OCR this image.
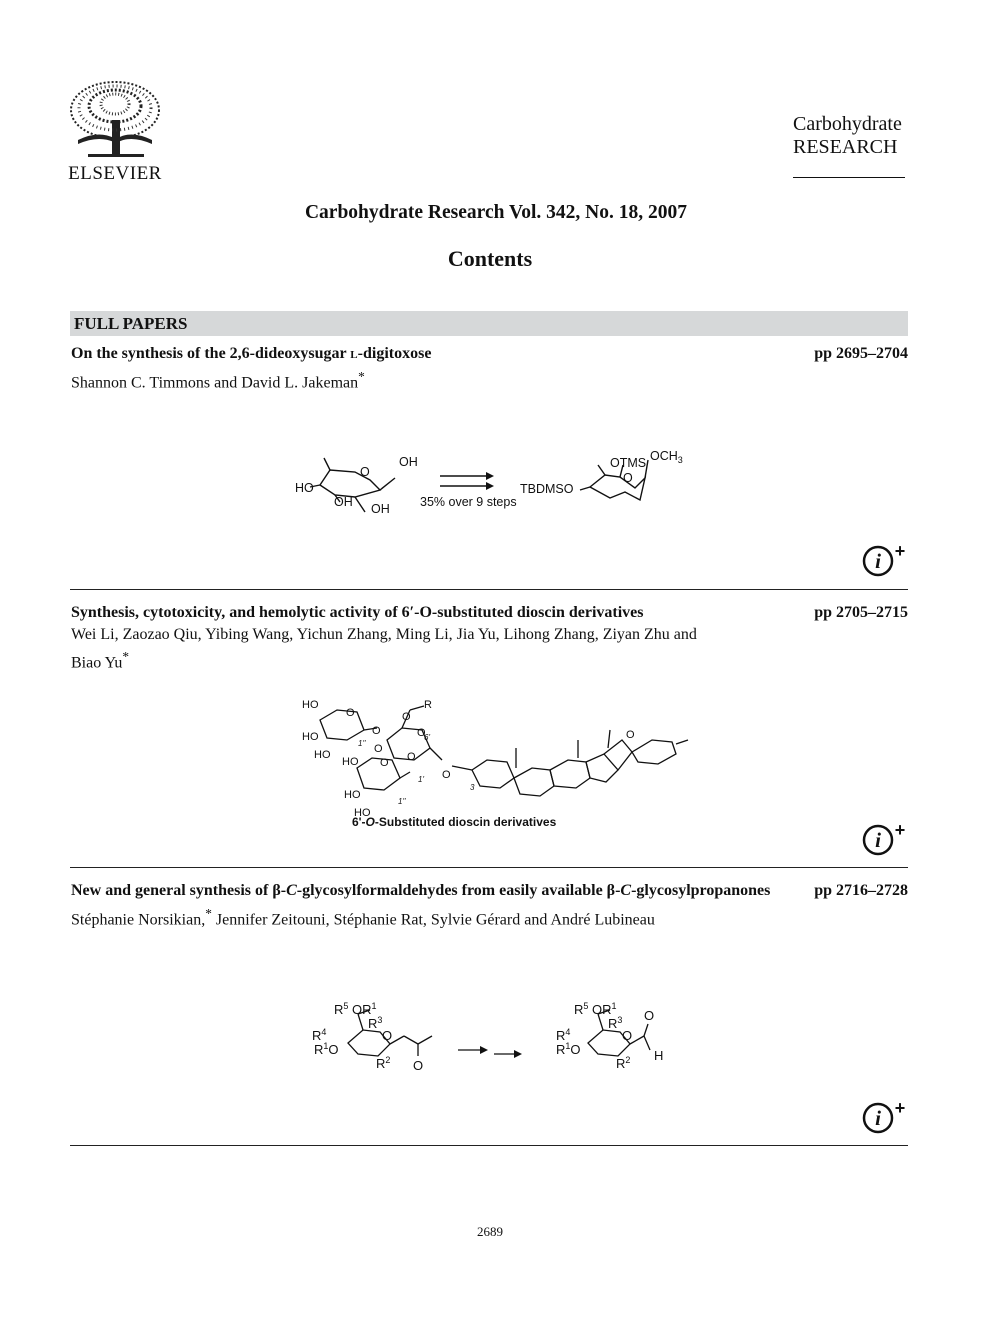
ELSEVIER
Carbohydrate
RESEARCH
Carbohydrate Research Vol. 342, No. 18, 2007
Contents
FULL PAPERS
On the synthesis of the 2,6-dideoxysugar l-digitoxose	pp 2695–2704
Shannon C. Timmons and David L. Jakeman*
O
OH
HO
OH OH 35% over 9 steps
TBDMSO
OTMS
O
$OCH_3$
i +
Synthesis, cytotoxicity, and hemolytic activity of 6′-O-substituted dioscin derivatives	pp 2705–2715
Wei Li, Zaozao Qiu, Yibing Wang, Yichun Zhang, Ming Li, Jia Yu, Lihong Zhang, Ziyan Zhu and
Biao Yu*
HO
HO
HO
HO
HO
HO
R
O
O
O
O
O
O O
O
O
6'-O-Substituted dioscin derivatives
6'
1''
1'
1''
3
i +
New and general synthesis of β-C-glycosylformaldehydes from easily available β-C-glycosylpropanones	pp 2716–2728
Stéphanie Norsikian,* Jennifer Zeitouni, Stéphanie Rat, Sylvie Gérard and André Lubineau
$R^5$ $OR^1$
$R^3$
$R^4$
$R^1O$
$R^2$
O
O
$R^5$ $OR^1$
$R^3$
$R^4$
$R^1O$
$R^2$
O
O
H
i +
2689
